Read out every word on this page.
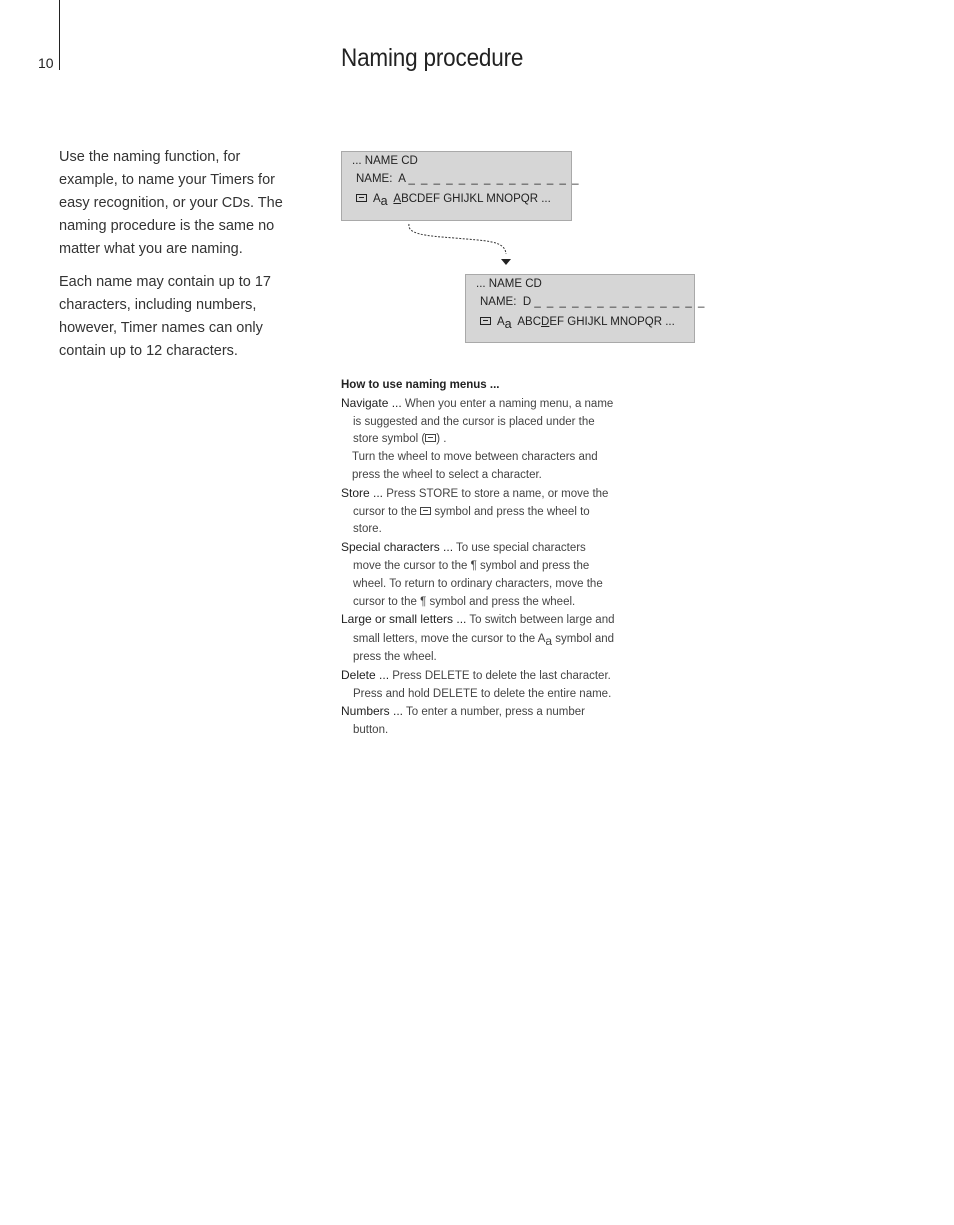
10	Naming procedure

Use the naming function, for example, to name your Timers for easy recognition, or your CDs. The naming procedure is the same no matter what you are naming.

Each name may contain up to 17 characters, including numbers, however, Timer names can only contain up to 12 characters.

... NAME CD
NAME: A _ _ _ _ _ _ _ _ _ _ _ _ _ _
Aa ABCDEF GHIJKL MNOPQR ...
... NAME CD
NAME: D _ _ _ _ _ _ _ _ _ _ _ _ _ _
Aa ABCDEF GHIJKL MNOPQR ...
How to use naming menus ...
Navigate ... When you enter a naming menu, a name is suggested and the cursor is placed under the store symbol ( ) .
Turn the wheel to move between characters and press the wheel to select a character.
Store ... Press STORE to store a name, or move the cursor to the  symbol and press the wheel to store.
Special characters ... To use special characters move the cursor to the ¶ symbol and press the wheel. To return to ordinary characters, move the cursor to the ¶ symbol and press the wheel.
Large or small letters ... To switch between large and small letters, move the cursor to the Aa symbol and press the wheel.
Delete ... Press DELETE to delete the last character. Press and hold DELETE to delete the entire name.
Numbers ... To enter a number, press a number button.
